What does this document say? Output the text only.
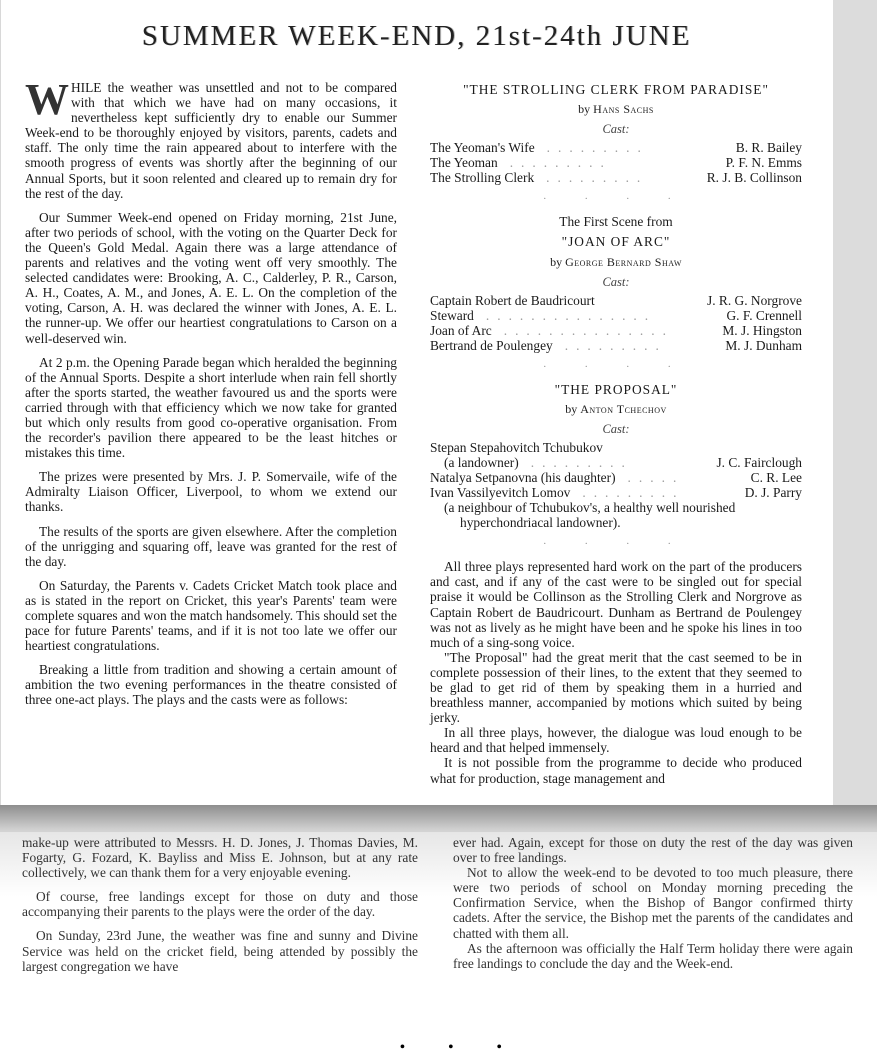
SUMMER WEEK-END, 21st-24th JUNE

WHILE the weather was unsettled and not to be compared with that which we have had on many occasions, it nevertheless kept sufficiently dry to enable our Summer Week-end to be thoroughly enjoyed by visitors, parents, cadets and staff. The only time the rain appeared about to interfere with the smooth progress of events was shortly after the beginning of our Annual Sports, but it soon relented and cleared up to remain dry for the rest of the day.

Our Summer Week-end opened on Friday morning, 21st June, after two periods of school, with the voting on the Quarter Deck for the Queen's Gold Medal. Again there was a large attendance of parents and relatives and the voting went off very smoothly. The selected candidates were: Brooking, A. C., Calderley, P. R., Carson, A. H., Coates, A. M., and Jones, A. E. L. On the completion of the voting, Carson, A. H. was declared the winner with Jones, A. E. L. the runner-up. We offer our heartiest congratulations to Carson on a well-deserved win.

At 2 p.m. the Opening Parade began which heralded the beginning of the Annual Sports. Despite a short interlude when rain fell shortly after the sports started, the weather favoured us and the sports were carried through with that efficiency which we now take for granted but which only results from good co-operative organisation. From the recorder's pavilion there appeared to be the least hitches or mistakes this time.

The prizes were presented by Mrs. J. P. Somervaile, wife of the Admiralty Liaison Officer, Liverpool, to whom we extend our thanks.

The results of the sports are given elsewhere. After the completion of the unrigging and squaring off, leave was granted for the rest of the day.

On Saturday, the Parents v. Cadets Cricket Match took place and as is stated in the report on Cricket, this year's Parents' team were complete squares and won the match handsomely. This should set the pace for future Parents' teams, and if it is not too late we offer our heartiest congratulations.

Breaking a little from tradition and showing a certain amount of ambition the two evening performances in the theatre consisted of three one-act plays. The plays and the casts were as follows:

"THE STROLLING CLERK FROM PARADISE"
by Hans Sachs
Cast:
The Yeoman's Wife .........	B. R. Bailey
The Yeoman .........	P. F. N. Emms
The Strolling Clerk .........	R. J. B. Collinson
. . . .
The First Scene from
"JOAN OF ARC"
by George Bernard Shaw
Cast:
Captain Robert de Baudricourt	J. R. G. Norgrove
Steward ...............	G. F. Crennell
Joan of Arc ...............	M. J. Hingston
Bertrand de Poulengey .........	M. J. Dunham
. . . .
"THE PROPOSAL"
by Anton Tchechov
Cast:
Stepan Stepahovitch Tchubukov
(a landowner) .........	J. C. Fairclough
Natalya Setpanovna (his daughter) .....	C. R. Lee
Ivan Vassilyevitch Lomov .........	D. J. Parry
(a neighbour of Tchubukov's, a healthy well nourished
hyperchondriacal landowner).
. . . .

All three plays represented hard work on the part of the producers and cast, and if any of the cast were to be singled out for special praise it would be Collinson as the Strolling Clerk and Norgrove as Captain Robert de Baudricourt. Dunham as Bertrand de Poulengey was not as lively as he might have been and he spoke his lines in too much of a sing-song voice.

"The Proposal" had the great merit that the cast seemed to be in complete possession of their lines, to the extent that they seemed to be glad to get rid of them by speaking them in a hurried and breathless manner, accompanied by motions which suited by being jerky.

In all three plays, however, the dialogue was loud enough to be heard and that helped immensely.

It is not possible from the programme to decide who produced what for production, stage management and

make-up were attributed to Messrs. H. D. Jones, J. Thomas Davies, M. Fogarty, G. Fozard, K. Bayliss and Miss E. Johnson, but at any rate collectively, we can thank them for a very enjoyable evening.

Of course, free landings except for those on duty and those accompanying their parents to the plays were the order of the day.

On Sunday, 23rd June, the weather was fine and sunny and Divine Service was held on the cricket field, being attended by possibly the largest congregation we have

ever had. Again, except for those on duty the rest of the day was given over to free landings.

Not to allow the week-end to be devoted to too much pleasure, there were two periods of school on Monday morning preceding the Confirmation Service, when the Bishop of Bangor confirmed thirty cadets. After the service, the Bishop met the parents of the candidates and chatted with them all.

As the afternoon was officially the Half Term holiday there were again free landings to conclude the day and the Week-end.

• • •
